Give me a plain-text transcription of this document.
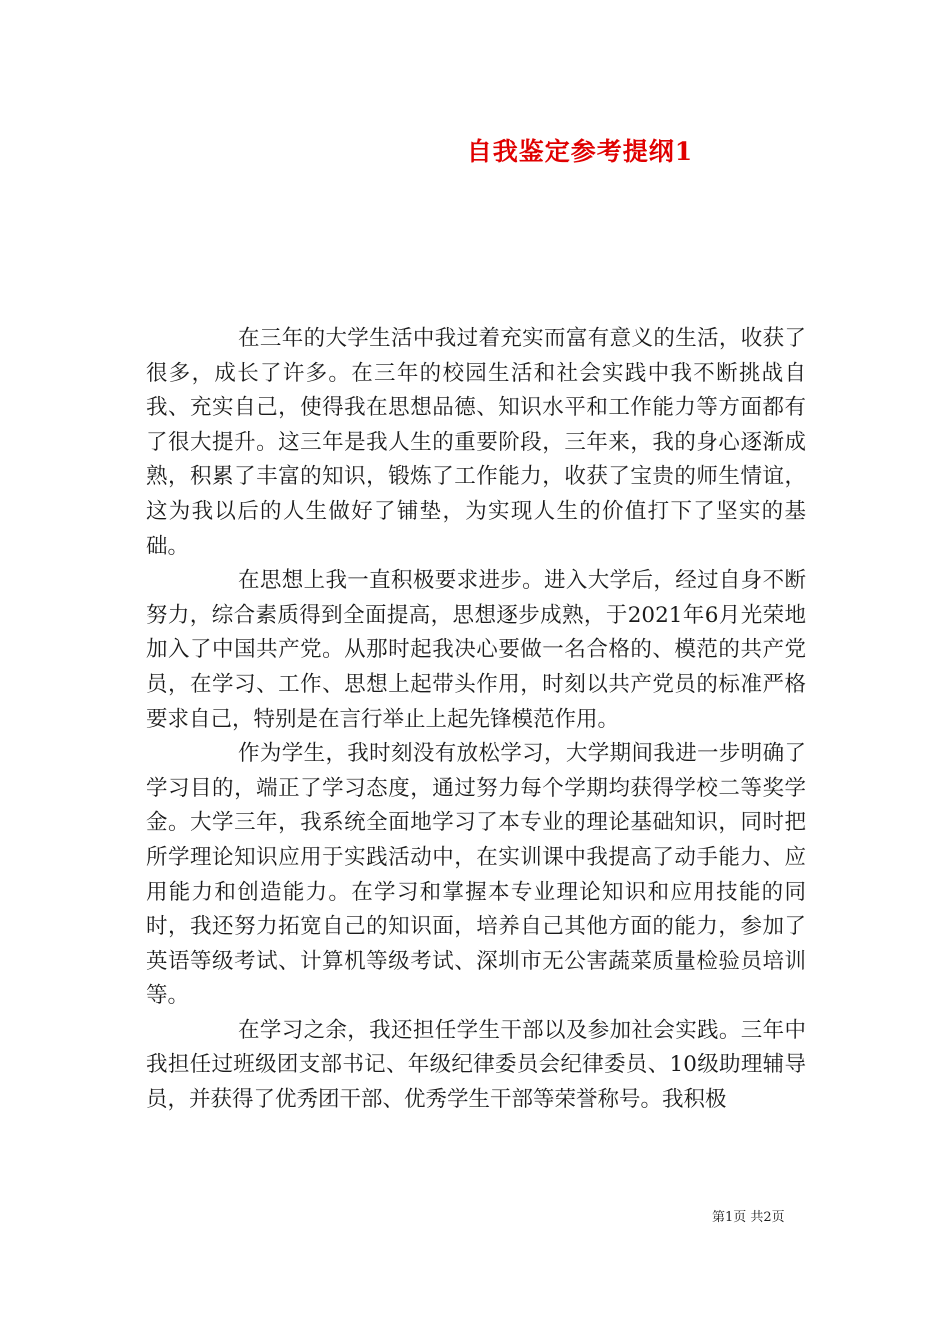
自我鉴定参考提纲1

在三年的大学生活中我过着充实而富有意义的生活，收获了很多，成长了许多。在三年的校园生活和社会实践中我不断挑战自我、充实自己，使得我在思想品德、知识水平和工作能力等方面都有了很大提升。这三年是我人生的重要阶段，三年来，我的身心逐渐成熟，积累了丰富的知识，锻炼了工作能力，收获了宝贵的师生情谊，这为我以后的人生做好了铺垫，为实现人生的价值打下了坚实的基础。

在思想上我一直积极要求进步。进入大学后，经过自身不断努力，综合素质得到全面提高，思想逐步成熟，于2021年6月光荣地加入了中国共产党。从那时起我决心要做一名合格的、模范的共产党员，在学习、工作、思想上起带头作用，时刻以共产党员的标准严格要求自己，特别是在言行举止上起先锋模范作用。

作为学生，我时刻没有放松学习，大学期间我进一步明确了学习目的，端正了学习态度，通过努力每个学期均获得学校二等奖学金。大学三年，我系统全面地学习了本专业的理论基础知识，同时把所学理论知识应用于实践活动中，在实训课中我提高了动手能力、应用能力和创造能力。在学习和掌握本专业理论知识和应用技能的同时，我还努力拓宽自己的知识面，培养自己其他方面的能力，参加了英语等级考试、计算机等级考试、深圳市无公害蔬菜质量检验员培训等。

在学习之余，我还担任学生干部以及参加社会实践。三年中我担任过班级团支部书记、年级纪律委员会纪律委员、10级助理辅导员，并获得了优秀团干部、优秀学生干部等荣誉称号。我积极

第1页 共2页
